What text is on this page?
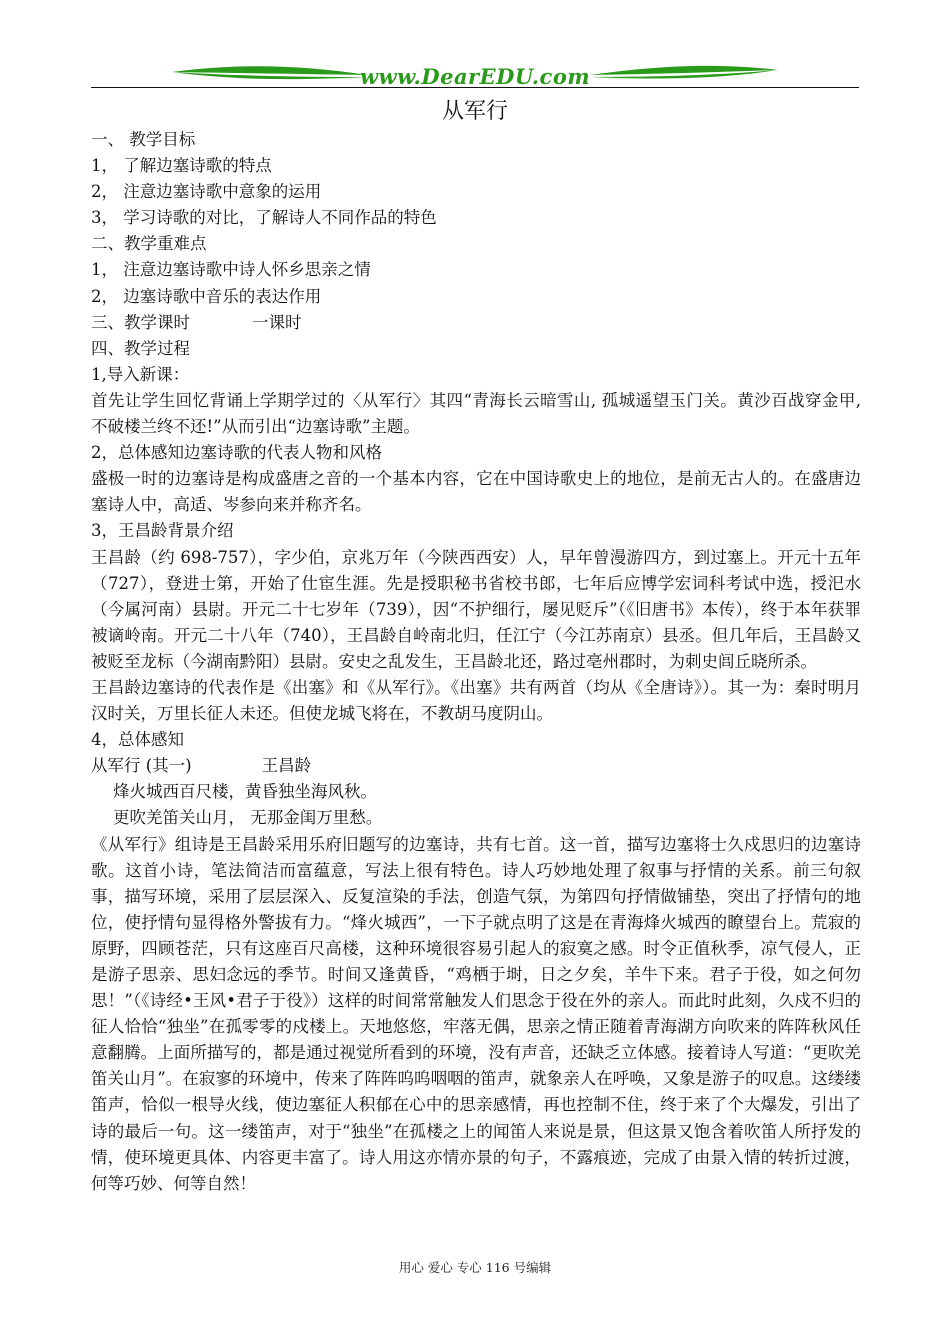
www.DearEDU.com
从军行

一、 教学目标

1， 了解边塞诗歌的特点

2， 注意边塞诗歌中意象的运用

3， 学习诗歌的对比，了解诗人不同作品的特色

二、教学重难点

1， 注意边塞诗歌中诗人怀乡思亲之情

2， 边塞诗歌中音乐的表达作用

三、教学课时	一课时

四、教学过程

1,导入新课：

首先让学生回忆背诵上学期学过的〈从军行〉其四“青海长云暗雪山, 孤城遥望玉门关。黄沙百战穿金甲, 不破楼兰终不还!”从而引出“边塞诗歌”主题。

2，总体感知边塞诗歌的代表人物和风格

盛极一时的边塞诗是构成盛唐之音的一个基本内容，它在中国诗歌史上的地位，是前无古人的。在盛唐边塞诗人中，高适、岑参向来并称齐名。

3，王昌龄背景介绍

王昌龄（约 698-757），字少伯，京兆万年（今陕西西安）人，早年曾漫游四方，到过塞上。开元十五年（727），登进士第，开始了仕宦生涯。先是授职秘书省校书郎，七年后应博学宏词科考试中选，授汜水（今属河南）县尉。开元二十七岁年（739），因“不护细行，屡见贬斥”（《旧唐书》本传），终于本年获罪被谪岭南。开元二十八年（740），王昌龄自岭南北归，任江宁（今江苏南京）县丞。但几年后，王昌龄又被贬至龙标（今湖南黔阳）县尉。安史之乱发生，王昌龄北还，路过亳州郡时，为刺史闾丘晓所杀。

王昌龄边塞诗的代表作是《出塞》和《从军行》。《出塞》共有两首（均从《全唐诗》）。其一为：秦时明月汉时关，万里长征人未还。但使龙城飞将在，不教胡马度阴山。

4，总体感知

从军行 (其一)	王昌龄

烽火城西百尺楼，黄昏独坐海风秋。

更吹羌笛关山月， 无那金闺万里愁。

《从军行》组诗是王昌龄采用乐府旧题写的边塞诗，共有七首。这一首，描写边塞将士久戍思归的边塞诗歌。这首小诗，笔法简洁而富蕴意，写法上很有特色。诗人巧妙地处理了叙事与抒情的关系。前三句叙事，描写环境，采用了层层深入、反复渲染的手法，创造气氛，为第四句抒情做铺垫，突出了抒情句的地位，使抒情句显得格外警拔有力。“烽火城西”，一下子就点明了这是在青海烽火城西的瞭望台上。荒寂的原野，四顾苍茫，只有这座百尺高楼，这种环境很容易引起人的寂寞之感。时令正值秋季，凉气侵人，正是游子思亲、思妇念远的季节。时间又逢黄昏，“鸡栖于埘，日之夕矣，羊牛下来。君子于役，如之何勿思！”（《诗经•王风•君子于役》）这样的时间常常触发人们思念于役在外的亲人。而此时此刻，久戍不归的征人恰恰“独坐”在孤零零的戍楼上。天地悠悠，牢落无偶，思亲之情正随着青海湖方向吹来的阵阵秋风任意翻腾。上面所描写的，都是通过视觉所看到的环境，没有声音，还缺乏立体感。接着诗人写道：“更吹羌笛关山月”。在寂寥的环境中，传来了阵阵呜呜咽咽的笛声，就象亲人在呼唤，又象是游子的叹息。这缕缕笛声，恰似一根导火线，使边塞征人积郁在心中的思亲感情，再也控制不住，终于来了个大爆发，引出了诗的最后一句。这一缕笛声，对于“独坐”在孤楼之上的闻笛人来说是景，但这景又饱含着吹笛人所抒发的情，使环境更具体、内容更丰富了。诗人用这亦情亦景的句子，不露痕迹，完成了由景入情的转折过渡，何等巧妙、何等自然！

用心 爱心 专心 116 号编辑
